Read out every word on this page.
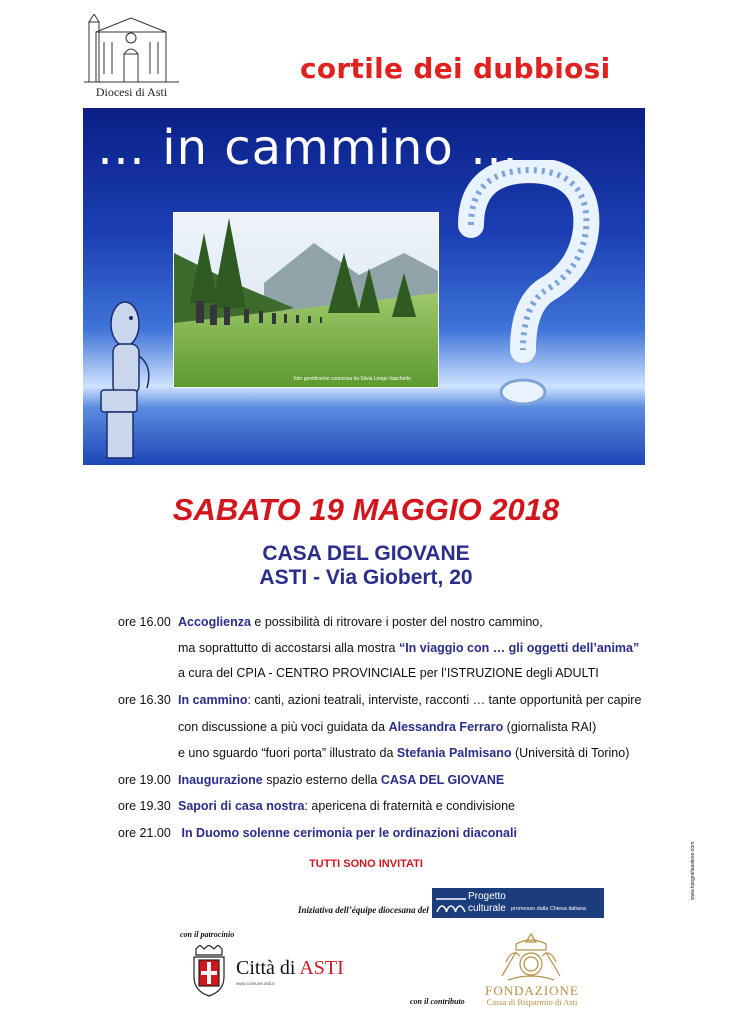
Diocesi di Asti
cortile dei dubbiosi
… in cammino …
foto gentilmente concessa da Silvia Longo Vaschetto
SABATO 19 MAGGIO 2018
CASA DEL GIOVANE
ASTI - Via Giobert, 20
ore 16.00 Accoglienza e possibilità di ritrovare i poster del nostro cammino,
ma soprattutto di accostarsi alla mostra “In viaggio con … gli oggetti dell’anima”
a cura del CPIA - CENTRO PROVINCIALE per l’ISTRUZIONE degli ADULTI
ore 16.30 In cammino: canti, azioni teatrali, interviste, racconti … tante opportunità per capire
con discussione a più voci guidata da Alessandra Ferraro (giornalista RAI)
e uno sguardo “fuori porta” illustrato da Stefania Palmisano (Università di Torino)
ore 19.00 Inaugurazione spazio esterno della CASA DEL GIOVANE
ore 19.30 Sapori di casa nostra: apericena di fraternità e condivisione
ore 21.00 In Duomo solenne cerimonia per le ordinazioni diaconali
TUTTI SONO INVITATI
Iniziativa dell’équipe diocesana del
Progetto
culturale promosso dalla Chiesa italiana
con il patrocinio
Città di ASTI
www.comune.asti.it	FONDAZIONE
Cassa di Risparmio di Asti
con il contributo
www.tipografiaasteee.com
